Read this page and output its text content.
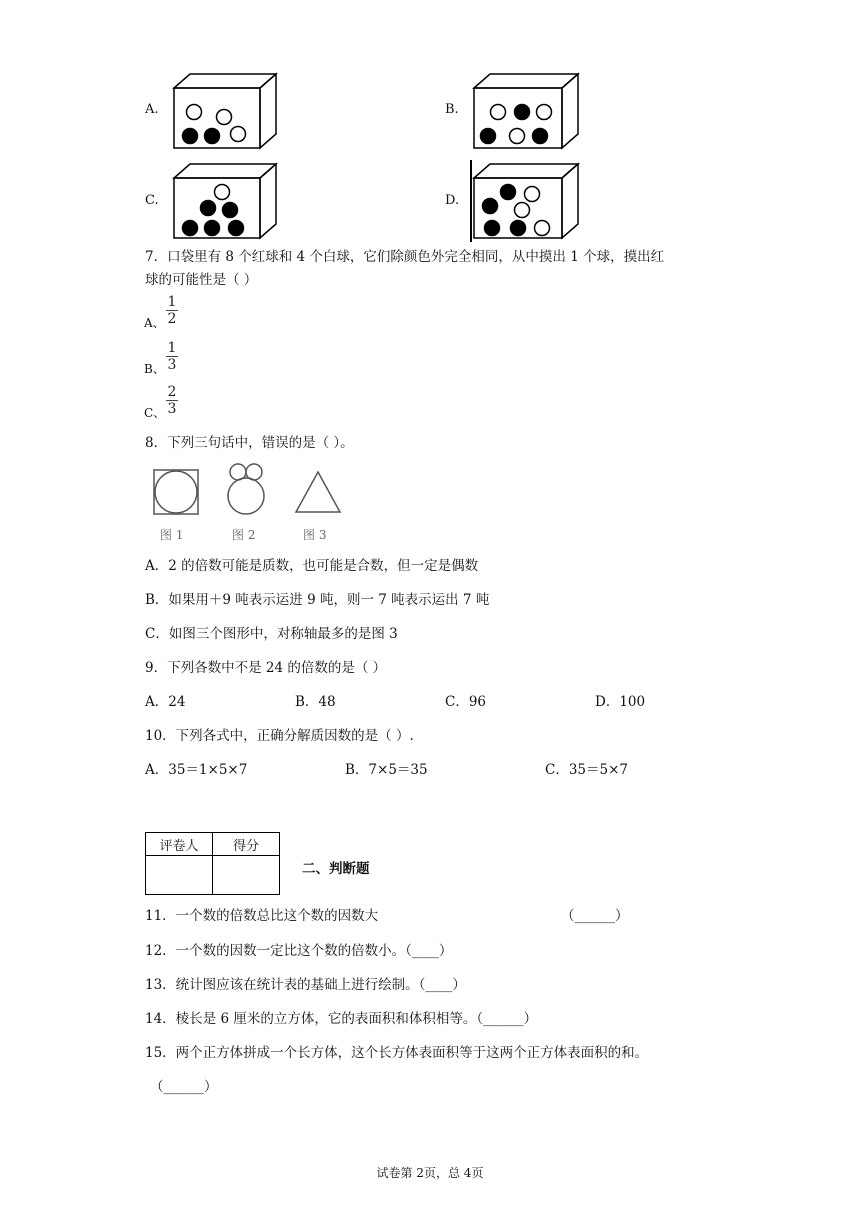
A.	B.
C.	D.
7．口袋里有 8 个红球和 4 个白球，它们除颜色外完全相同，从中摸出 1 个球，摸出红
球的可能性是（ ）
A、
1
2
B、
1
3
C、
2
3
8．下列三句话中，错误的是（ ）。
图 1	图 2	图 3
A．2 的倍数可能是质数，也可能是合数，但一定是偶数
B．如果用＋9 吨表示运进 9 吨，则一 7 吨表示运出 7 吨
C．如图三个图形中，对称轴最多的是图 3
9．下列各数中不是 24 的倍数的是（ ）
A．24	B．48	C．96	D．100
10．下列各式中，正确分解质因数的是（ ）.
A．35＝1×5×7	B．7×5＝35	C．35＝5×7
评卷人	得分

二、判断题
11．一个数的倍数总比这个数的因数大	（______）
12．一个数的因数一定比这个数的倍数小。（____）
13．统计图应该在统计表的基础上进行绘制。（____）
14．棱长是 6 厘米的立方体，它的表面积和体积相等。（______）
15．两个正方体拼成一个长方体，这个长方体表面积等于这两个正方体表面积的和。
（______）
试卷第 2页，总 4页
